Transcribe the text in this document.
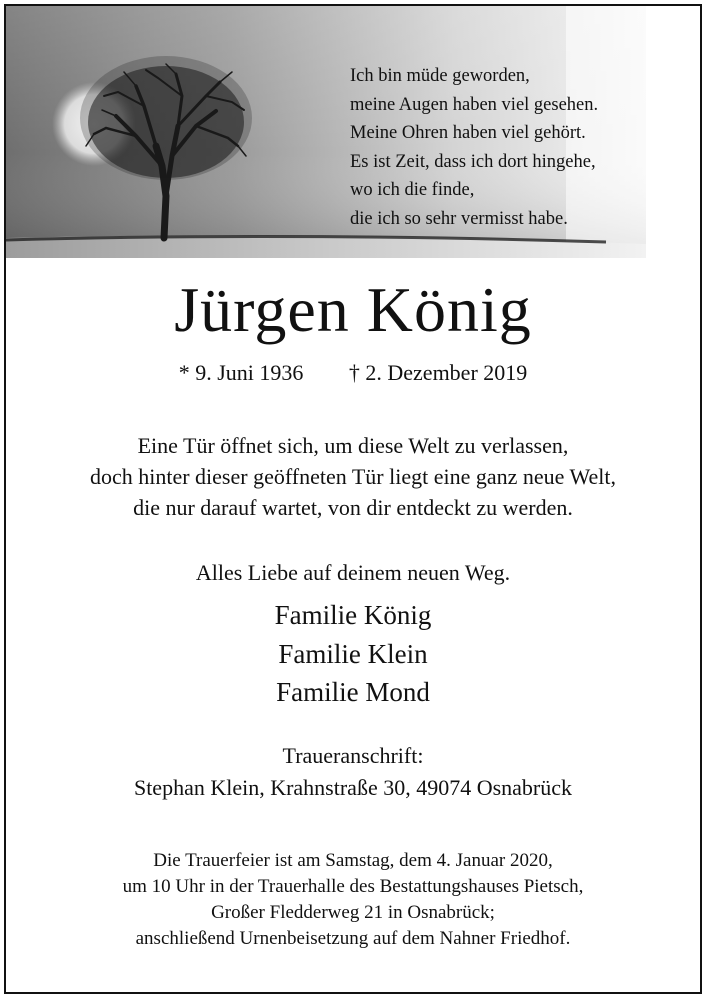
Ich bin müde geworden,
meine Augen haben viel gesehen.
Meine Ohren haben viel gehört.
Es ist Zeit, dass ich dort hingehe,
wo ich die finde,
die ich so sehr vermisst habe.
Jürgen König
* 9. Juni 1936 † 2. Dezember 2019
Eine Tür öffnet sich, um diese Welt zu verlassen,
doch hinter dieser geöffneten Tür liegt eine ganz neue Welt,
die nur darauf wartet, von dir entdeckt zu werden.
Alles Liebe auf deinem neuen Weg.
Familie König
Familie Klein
Familie Mond
Traueranschrift:
Stephan Klein, Krahnstraße 30, 49074 Osnabrück
Die Trauerfeier ist am Samstag, dem 4. Januar 2020,
um 10 Uhr in der Trauerhalle des Bestattungshauses Pietsch,
Großer Fledderweg 21 in Osnabrück;
anschließend Urnenbeisetzung auf dem Nahner Friedhof.
